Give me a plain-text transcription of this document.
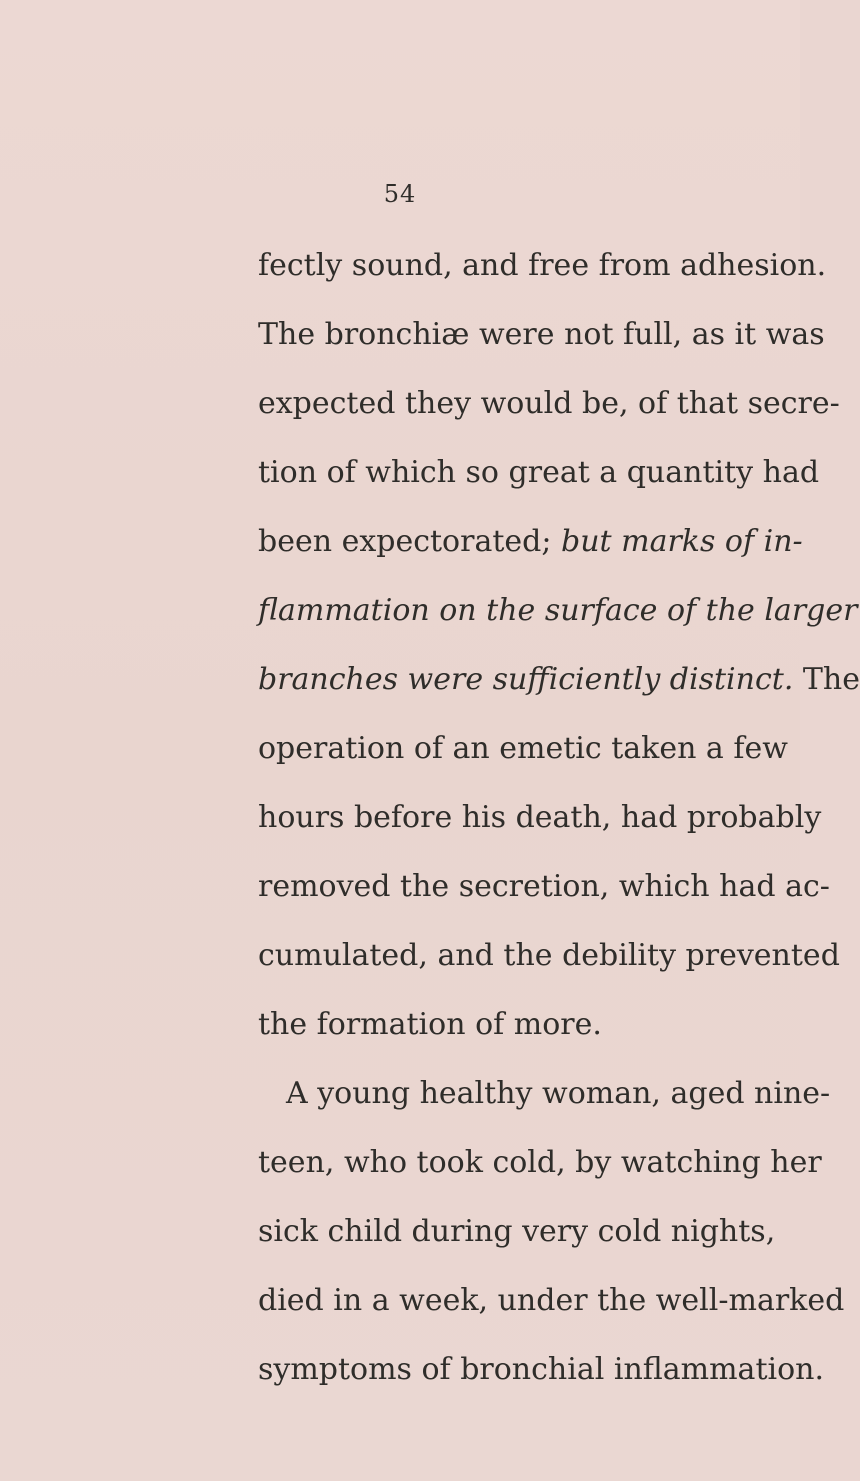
54
fectly sound, and free from adhesion.
The bronchiæ were not full, as it was
expected they would be, of that secre-
tion of which so great a quantity had
been expectorated; but marks of in-
flammation on the surface of the larger
branches were sufficiently distinct. The
operation of an emetic taken a few
hours before his death, had probably
removed the secretion, which had ac-
cumulated, and the debility prevented
the formation of more.
A young healthy woman, aged nine-
teen, who took cold, by watching her
sick child during very cold nights,
died in a week, under the well-marked
symptoms of bronchial inflammation.
